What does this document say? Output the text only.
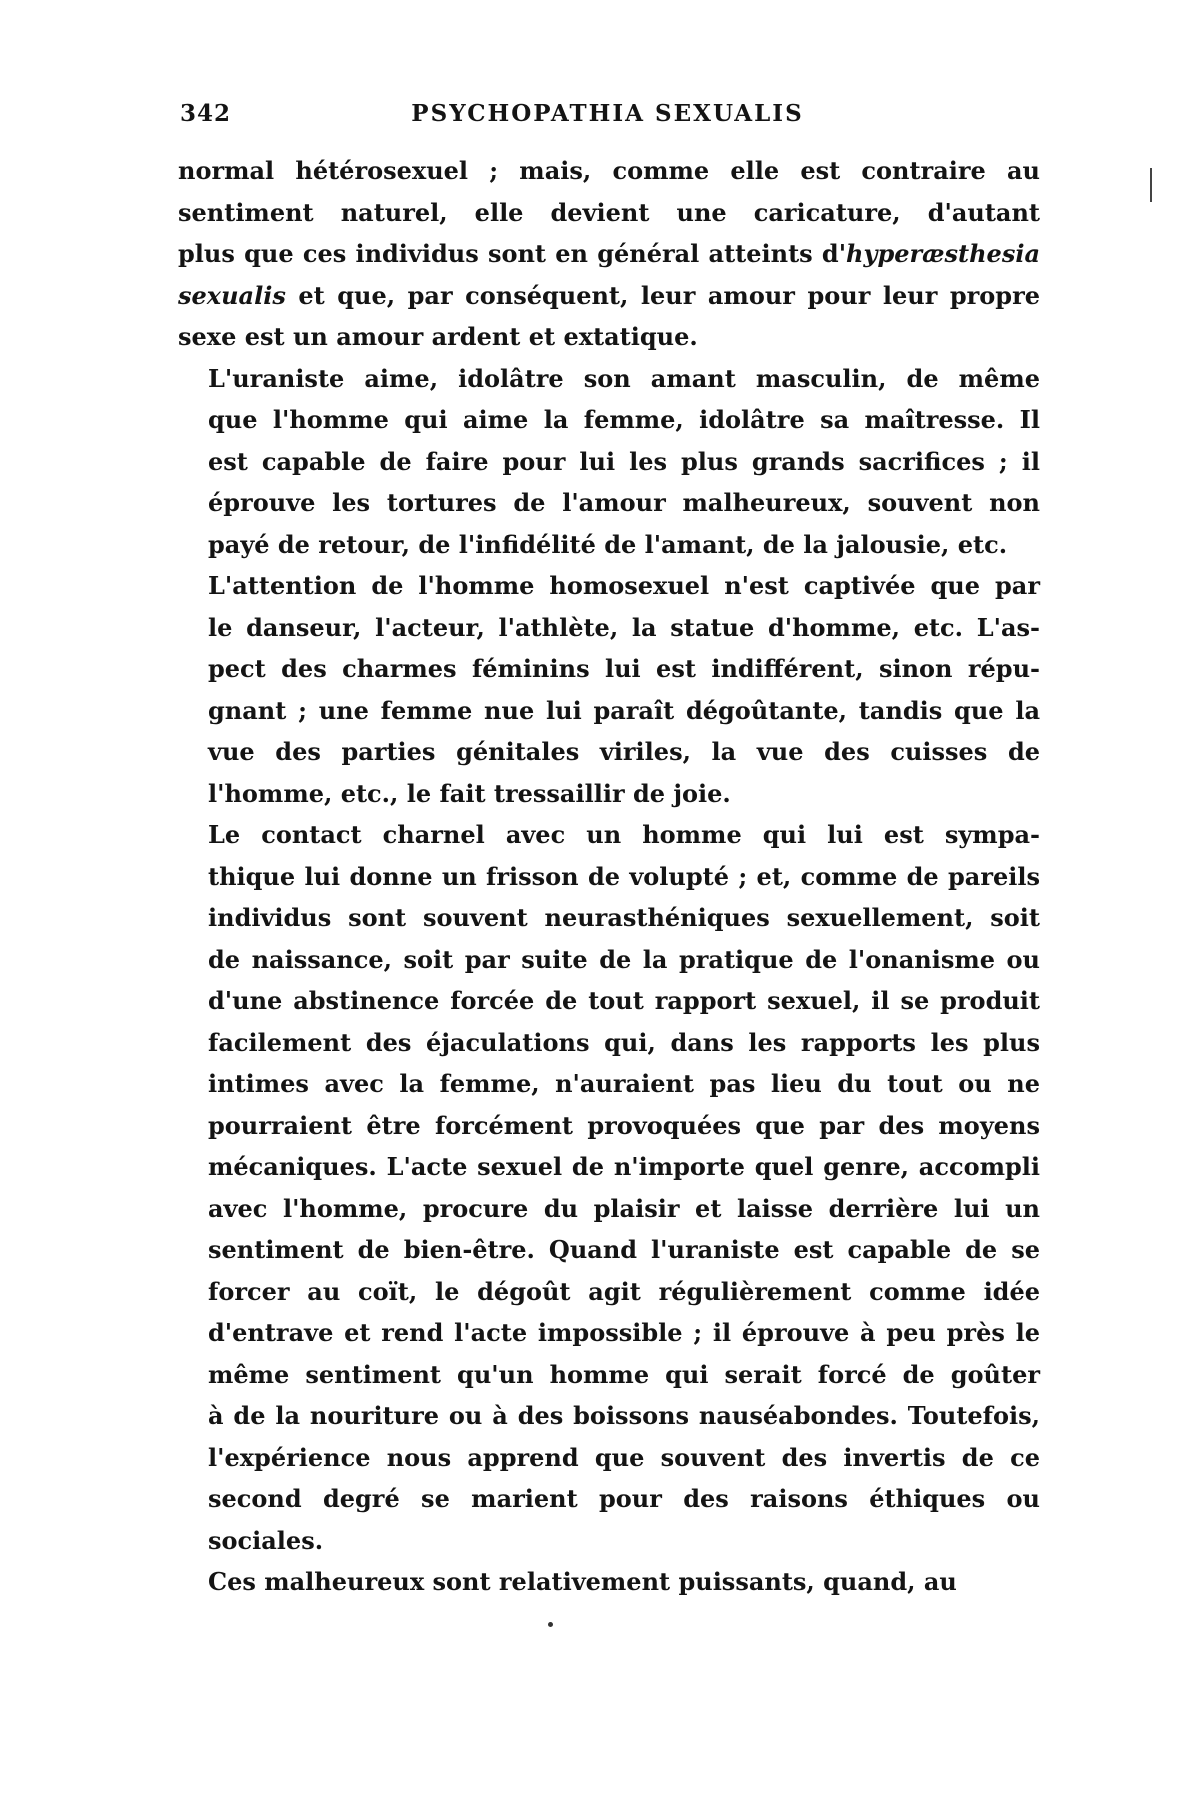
342	PSYCHOPATHIA SEXUALIS
normal hétérosexuel ; mais, comme elle est contraire au
sentiment naturel, elle devient une caricature, d'autant
plus que ces individus sont en général atteints d'hyperæsthesia
sexualis et que, par conséquent, leur amour pour leur propre
sexe est un amour ardent et extatique.
L'uraniste aime, idolâtre son amant masculin, de même
que l'homme qui aime la femme, idolâtre sa maîtresse. Il
est capable de faire pour lui les plus grands sacrifices ; il
éprouve les tortures de l'amour malheureux, souvent non
payé de retour, de l'infidélité de l'amant, de la jalousie, etc.
L'attention de l'homme homosexuel n'est captivée que par
le danseur, l'acteur, l'athlète, la statue d'homme, etc. L'as-
pect des charmes féminins lui est indifférent, sinon répu-
gnant ; une femme nue lui paraît dégoûtante, tandis que la
vue des parties génitales viriles, la vue des cuisses de
l'homme, etc., le fait tressaillir de joie.
Le contact charnel avec un homme qui lui est sympa-
thique lui donne un frisson de volupté ; et, comme de pareils
individus sont souvent neurasthéniques sexuellement, soit
de naissance, soit par suite de la pratique de l'onanisme ou
d'une abstinence forcée de tout rapport sexuel, il se produit
facilement des éjaculations qui, dans les rapports les plus
intimes avec la femme, n'auraient pas lieu du tout ou ne
pourraient être forcément provoquées que par des moyens
mécaniques. L'acte sexuel de n'importe quel genre, accompli
avec l'homme, procure du plaisir et laisse derrière lui un
sentiment de bien-être. Quand l'uraniste est capable de se
forcer au coït, le dégoût agit régulièrement comme idée
d'entrave et rend l'acte impossible ; il éprouve à peu près le
même sentiment qu'un homme qui serait forcé de goûter
à de la nouriture ou à des boissons nauséabondes. Toutefois,
l'expérience nous apprend que souvent des invertis de ce
second degré se marient pour des raisons éthiques ou
sociales.
Ces malheureux sont relativement puissants, quand, au
